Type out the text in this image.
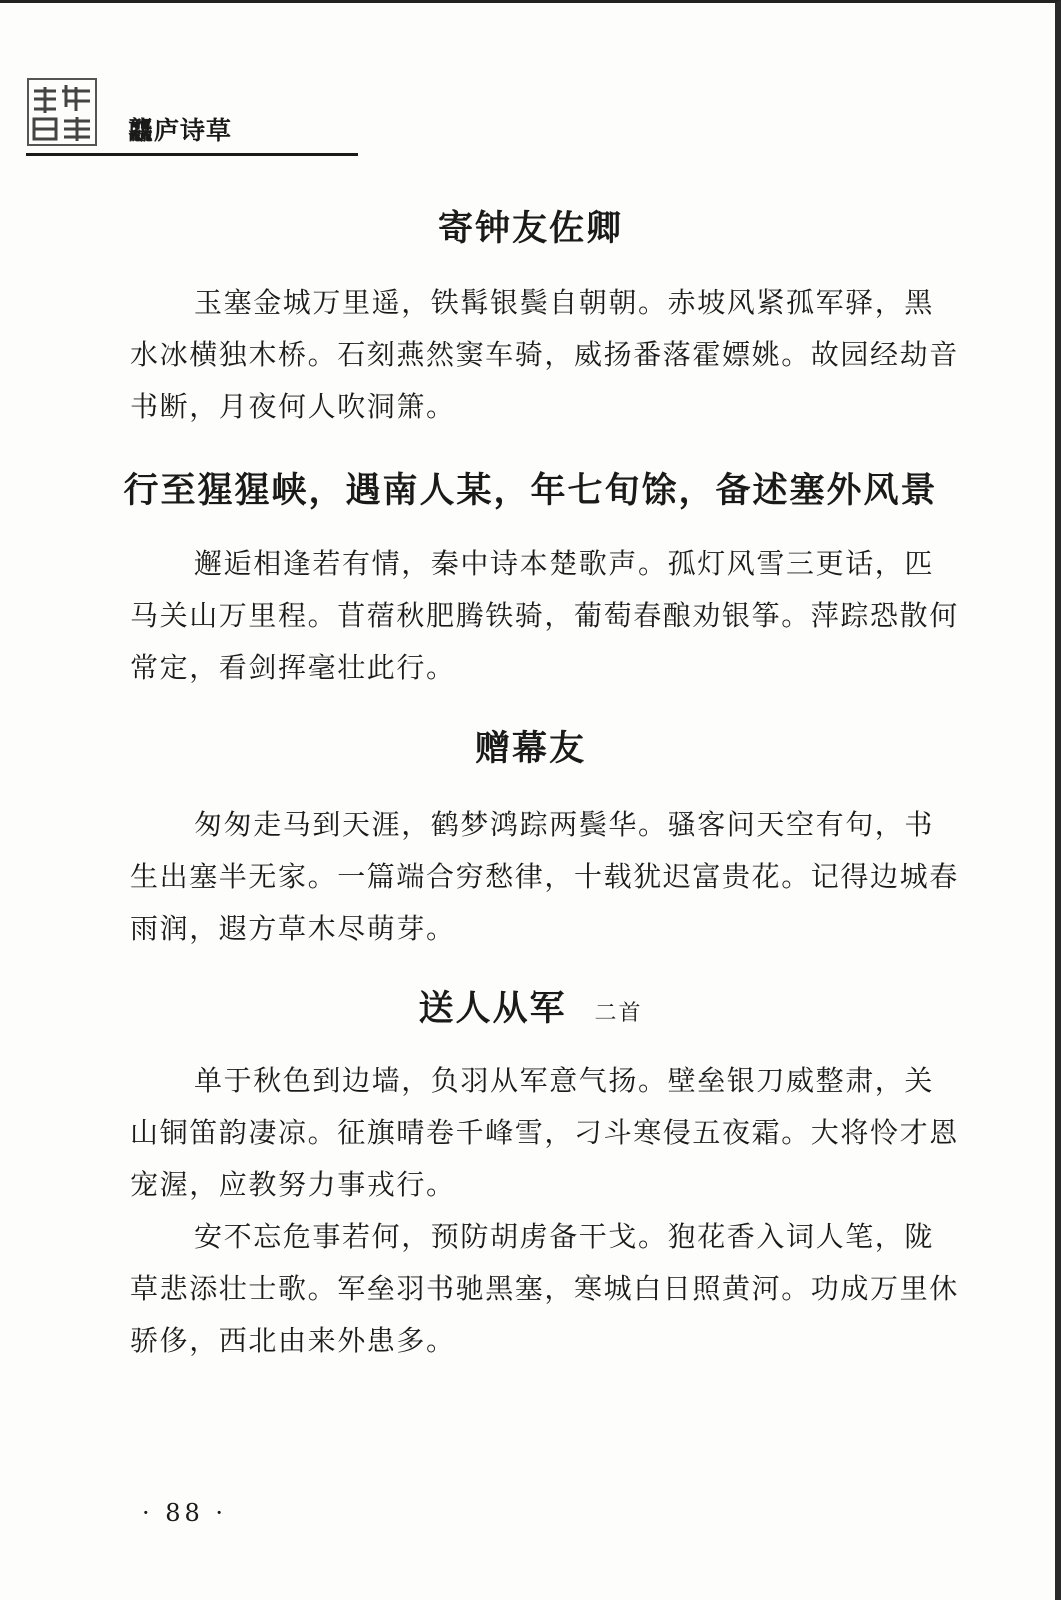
龘庐诗草
寄钟友佐卿

玉塞金城万里遥，铁髯银鬓自朝朝。赤坡风紧孤军驿，黑水冰横独木桥。石刻燕然窦车骑，威扬番落霍嫖姚。故园经劫音书断，月夜何人吹洞箫。

行至猩猩峡，遇南人某，年七旬馀，备述塞外风景

邂逅相逢若有情，秦中诗本楚歌声。孤灯风雪三更话，匹马关山万里程。苜蓿秋肥腾铁骑，葡萄春酿劝银筝。萍踪恐散何常定，看剑挥毫壮此行。

赠幕友

匆匆走马到天涯，鹤梦鸿踪两鬓华。骚客问天空有句，书生出塞半无家。一篇端合穷愁律，十载犹迟富贵花。记得边城春雨润，遐方草木尽萌芽。

送人从军 二首

单于秋色到边墙，负羽从军意气扬。壁垒银刀威整肃，关山铜笛韵凄凉。征旗晴卷千峰雪，刁斗寒侵五夜霜。大将怜才恩宠渥，应教努力事戎行。

安不忘危事若何，预防胡虏备干戈。狍花香入词人笔，陇草悲添壮士歌。军垒羽书驰黑塞，寒城白日照黄河。功成万里休骄侈，西北由来外患多。

· 88 ·
